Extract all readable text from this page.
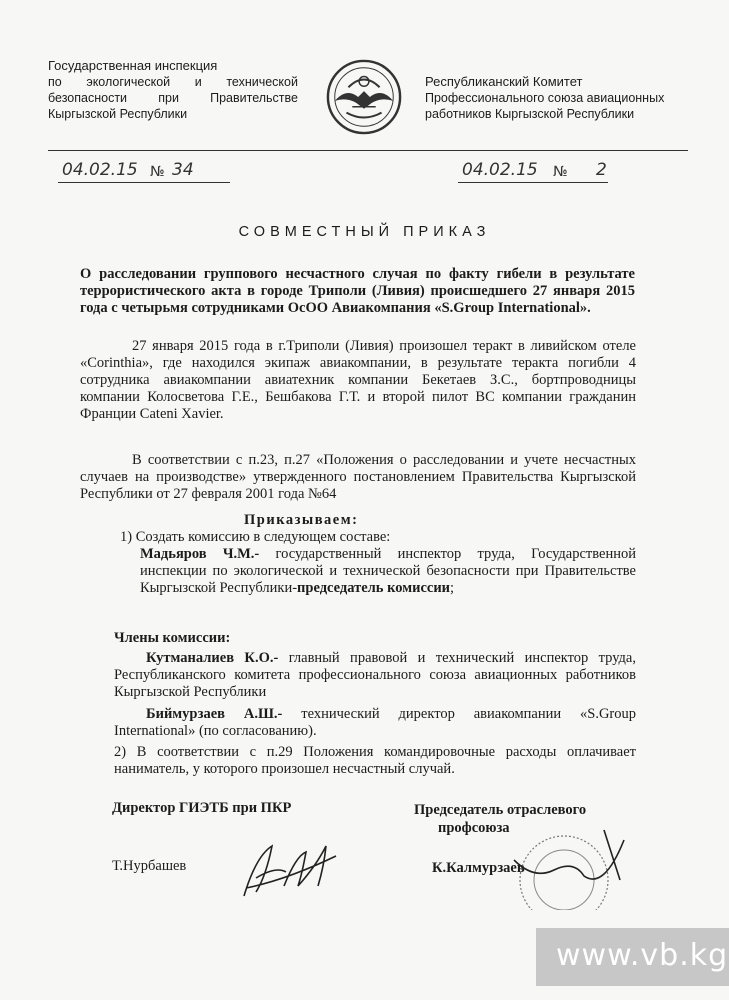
Государственная инспекция
по экологической и технической
безопасности при Правительстве
Кыргызской Республики
Республиканский Комитет
Профессионального союза авиационных
работников Кыргызской Республики
04.02.15 № 34	04.02.15 № 2
СОВМЕСТНЫЙ ПРИКАЗ
О расследовании группового несчастного случая по факту гибели в результате террористического акта в городе Триполи (Ливия) происшедшего 27 января 2015 года с четырьмя сотрудниками ОсОО Авиакомпания «S.Group International».
27 января 2015 года в г.Триполи (Ливия) произошел теракт в ливийском отеле «Corinthia», где находился экипаж авиакомпании, в результате теракта погибли 4 сотрудника авиакомпании авиатехник компании Бекетаев З.С., бортпроводницы компании Колосветова Г.Е., Бешбакова Г.Т. и второй пилот ВС компании гражданин Франции Cateni Xavier.
В соответствии с п.23, п.27 «Положения о расследовании и учете несчастных случаев на производстве» утвержденного постановлением Правительства Кыргызской Республики от 27 февраля 2001 года №64
Приказываем:
1) Создать комиссию в следующем составе:
Мадьяров Ч.М.- государственный инспектор труда, Государственной инспекции по экологической и технической безопасности при Правительстве Кыргызской Республики-председатель комиссии;
Члены комиссии:
Кутманалиев К.О.- главный правовой и технический инспектор труда, Республиканского комитета профессионального союза авиационных работников Кыргызской Республики
Биймурзаев А.Ш.- технический директор авиакомпании «S.Group International» (по согласованию).
2) В соответствии с п.29 Положения командировочные расходы оплачивает наниматель, у которого произошел несчастный случай.
Директор ГИЭТБ при ПКР
Т.Нурбашев
Председатель отраслевого
профсоюза
К.Калмурзаев
www.vb.kg
